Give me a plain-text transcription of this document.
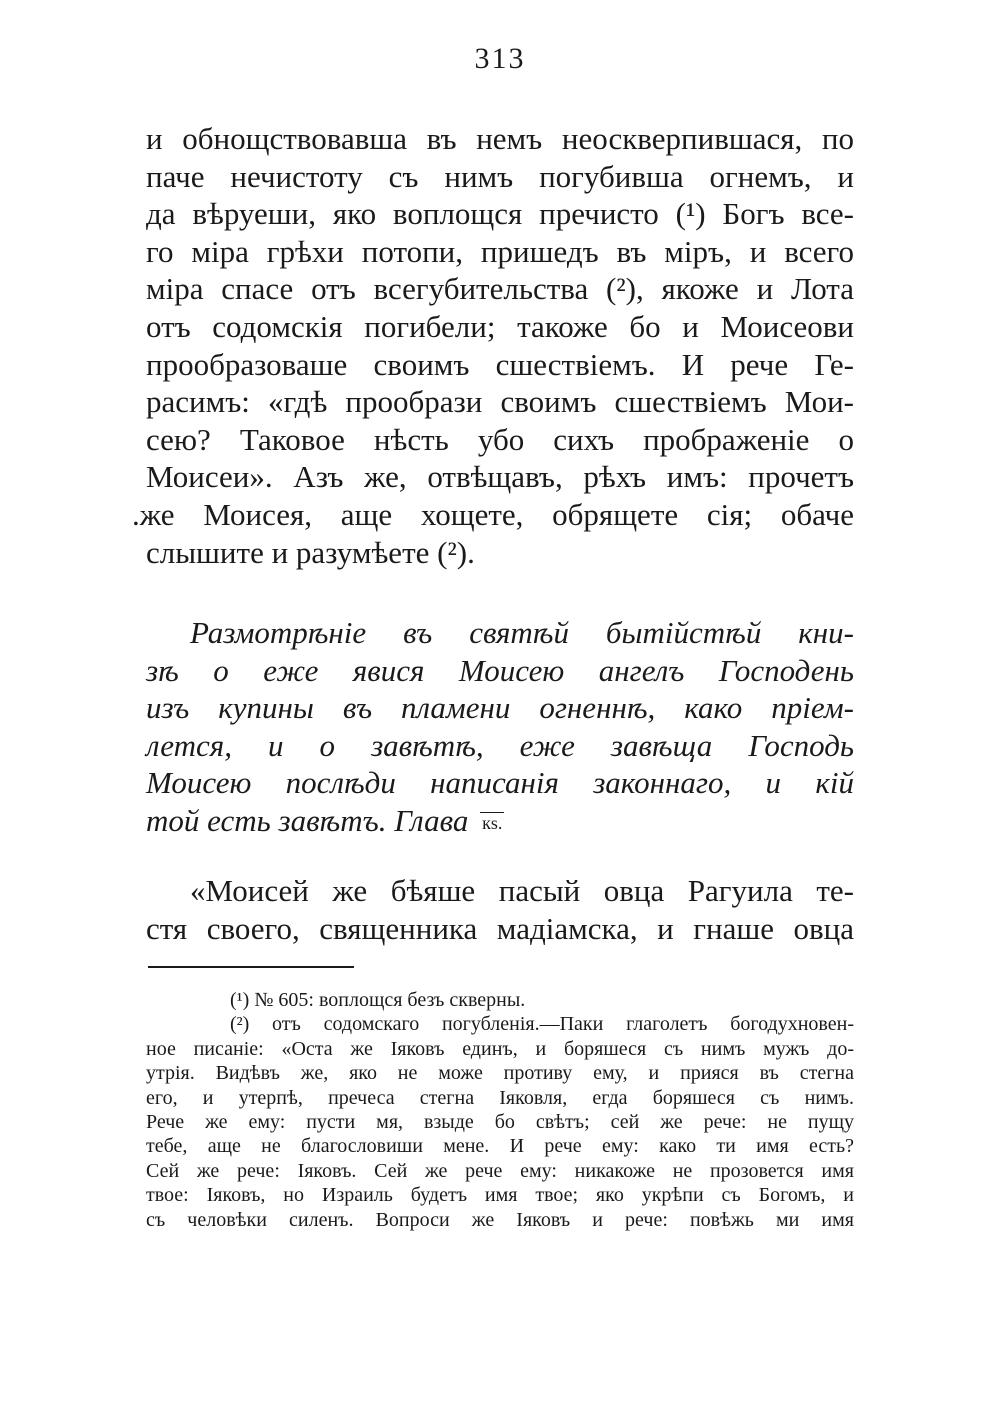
313
и обнощствовавша въ немъ неоскверпившася, по
паче нечистоту съ нимъ погубивша огнемъ, и
да вѣруеши, яко воплощся пречисто (¹) Богъ все-
го міра грѣхи потопи, пришедъ въ міръ, и всего
міра спасе отъ всегубительства (²), якоже и Лота
отъ содомскія погибели; такоже бо и Моисеови
прообразоваше своимъ сшествіемъ. И рече Ге-
расимъ: «гдѣ прообрази своимъ сшествіемъ Мои-
сею? Таковое нѣсть убо сихъ прображеніе о
Моисеи». Азъ же, отвѣщавъ, рѣхъ имъ: прочетъ
.же Моисея, аще хощете, обрящете сія; обаче
слышите и разумѣете (²).
Размотрѣніе въ святѣй бытійстѣй кни-
зѣ о еже явися Моисею ангелъ Господень
изъ купины въ пламени огненнѣ, како пріем-
лется, и о завѣтѣ, еже завѣща Господь
Моисею послѣди написанія законнаго, и кій
той есть завѣтъ. Глава кѕ.
«Моисей же бѣяше пасый овца Рагуила те-
стя своего, священника мадіамска, и гнаше овца
(¹) № 605: воплощся безъ скверны.
(²) отъ содомскаго погубленія.—Паки глаголетъ богодухновен-
ное писаніе: «Оста же Іяковъ единъ, и боряшеся съ нимъ мужъ до-
утрія. Видѣвъ же, яко не може противу ему, и прияся въ стегна
его, и утерпѣ, пречеса стегна Іяковля, егда боряшеся съ нимъ.
Рече же ему: пусти мя, взыде бо свѣтъ; сей же рече: не пущу
тебе, аще не благословиши мене. И рече ему: како ти имя есть?
Сей же рече: Іяковъ. Сей же рече ему: никакоже не прозовется имя
твое: Іяковъ, но Израиль будетъ имя твое; яко укрѣпи съ Богомъ, и
съ человѣки силенъ. Вопроси же Іяковъ и рече: повѣжь ми имя
